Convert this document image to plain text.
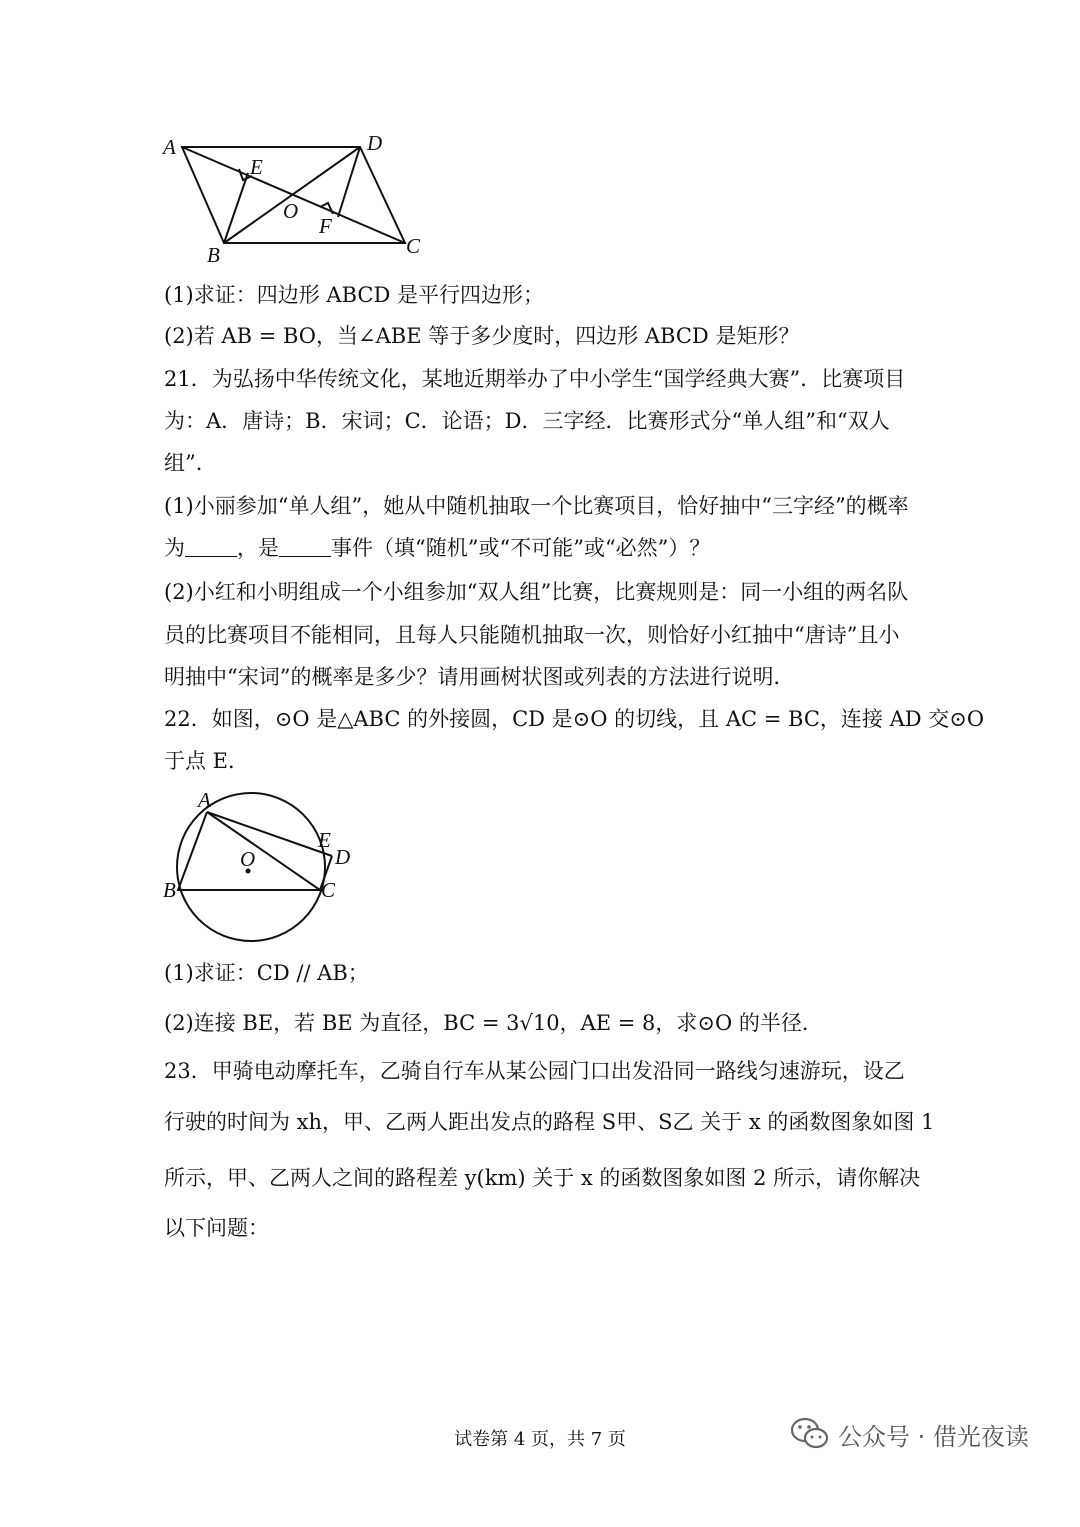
A	D
E
O
F
B	C
(1)求证：四边形 ABCD 是平行四边形；
(2)若 AB = BO，当∠ABE 等于多少度时，四边形 ABCD 是矩形？
21．为弘扬中华传统文化，某地近期举办了中小学生“国学经典大赛”．比赛项目
为：A．唐诗；B．宋词；C．论语；D．三字经．比赛形式分“单人组”和“双人
组”．
(1)小丽参加“单人组”，她从中随机抽取一个比赛项目，恰好抽中“三字经”的概率
为 ，是 事件（填“随机”或“不可能”或“必然”）？
(2)小红和小明组成一个小组参加“双人组”比赛，比赛规则是：同一小组的两名队
员的比赛项目不能相同，且每人只能随机抽取一次，则恰好小红抽中“唐诗”且小
明抽中“宋词”的概率是多少？请用画树状图或列表的方法进行说明．
22．如图，⊙O 是△ABC 的外接圆，CD 是⊙O 的切线，且 AC = BC，连接 AD 交⊙O
于点 E．
A
E
D
O
B	C
(1)求证：CD // AB；
(2)连接 BE，若 BE 为直径，BC = 3√10，AE = 8，求⊙O 的半径．
23．甲骑电动摩托车，乙骑自行车从某公园门口出发沿同一路线匀速游玩，设乙
行驶的时间为 xh，甲、乙两人距出发点的路程 S甲、S乙 关于 x 的函数图象如图 1
所示，甲、乙两人之间的路程差 y(km) 关于 x 的函数图象如图 2 所示，请你解决
以下问题：
试卷第 4 页，共 7 页	公众号 · 借光夜读
